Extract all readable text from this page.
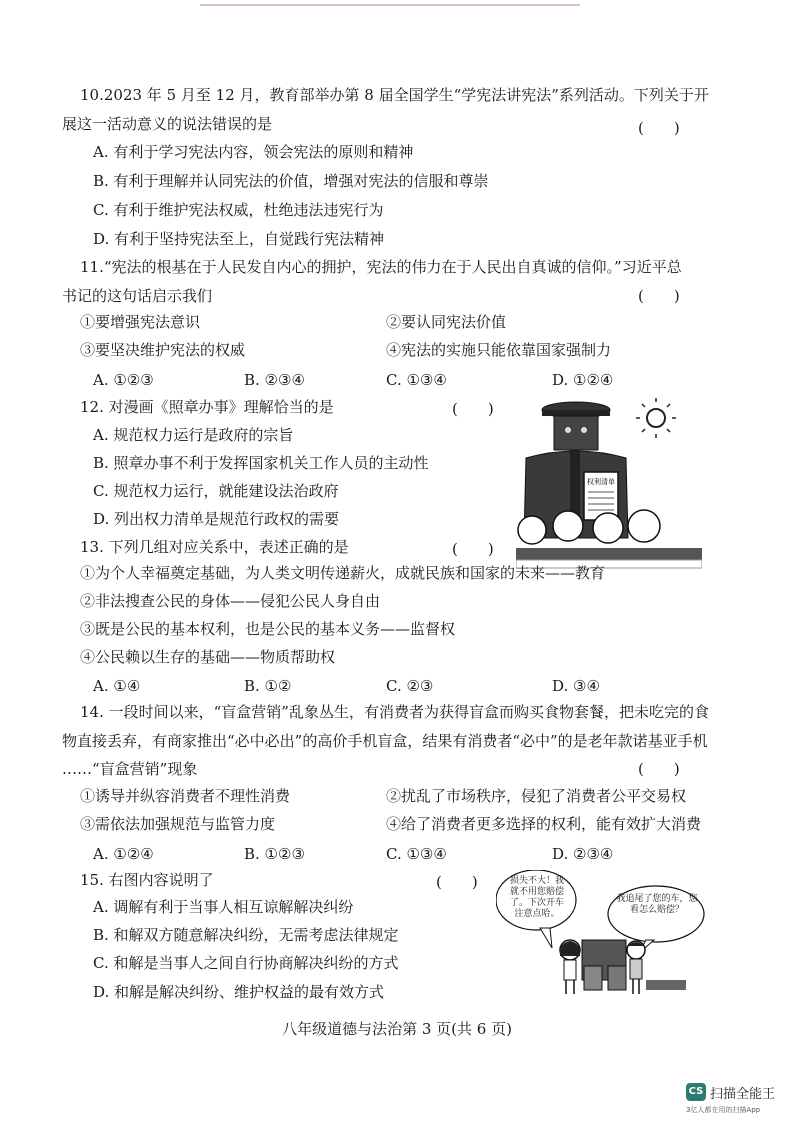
10.2023 年 5 月至 12 月，教育部举办第 8 届全国学生“学宪法讲宪法”系列活动。下列关于开
展这一活动意义的说法错误的是	(　　)
A. 有利于学习宪法内容，领会宪法的原则和精神
B. 有利于理解并认同宪法的价值，增强对宪法的信服和尊崇
C. 有利于维护宪法权威，杜绝违法违宪行为
D. 有利于坚持宪法至上，自觉践行宪法精神
11.“宪法的根基在于人民发自内心的拥护，宪法的伟力在于人民出自真诚的信仰。”习近平总
书记的这句话启示我们	(　　)
①要增强宪法意识	②要认同宪法价值
③要坚决维护宪法的权威	④宪法的实施只能依靠国家强制力
A. ①②③	B. ②③④	C. ①③④	D. ①②④
12. 对漫画《照章办事》理解恰当的是	(　　)
A. 规范权力运行是政府的宗旨
B. 照章办事不利于发挥国家机关工作人员的主动性
C. 规范权力运行，就能建设法治政府
D. 列出权力清单是规范行政权的需要
权利清单
13. 下列几组对应关系中，表述正确的是	(　　)
①为个人幸福奠定基础，为人类文明传递薪火，成就民族和国家的未来——教育
②非法搜查公民的身体——侵犯公民人身自由
③既是公民的基本权利，也是公民的基本义务——监督权
④公民赖以生存的基础——物质帮助权
A. ①④	B. ①②	C. ②③	D. ③④
14. 一段时间以来，“盲盒营销”乱象丛生，有消费者为获得盲盒而购买食物套餐，把未吃完的食
物直接丢弃，有商家推出“必中必出”的高价手机盲盒，结果有消费者“必中”的是老年款诺基亚手机
……“盲盒营销”现象	(　　)
①诱导并纵容消费者不理性消费	②扰乱了市场秩序，侵犯了消费者公平交易权
③需依法加强规范与监管力度	④给了消费者更多选择的权利，能有效扩大消费
A. ①②④	B. ①②③	C. ①③④	D. ②③④
15. 右图内容说明了	(　　)
A. 调解有利于当事人相互谅解解决纠纷
B. 和解双方随意解决纠纷，无需考虑法律规定
C. 和解是当事人之间自行协商解决纠纷的方式
D. 和解是解决纠纷、维护权益的最有效方式
损失不大！我就不用您赔偿了。下次开车注意点哈。
我追尾了您的车，您看怎么赔偿？
八年级道德与法治第 3 页(共 6 页)
CS 扫描全能王
3亿人都在用的扫描App
